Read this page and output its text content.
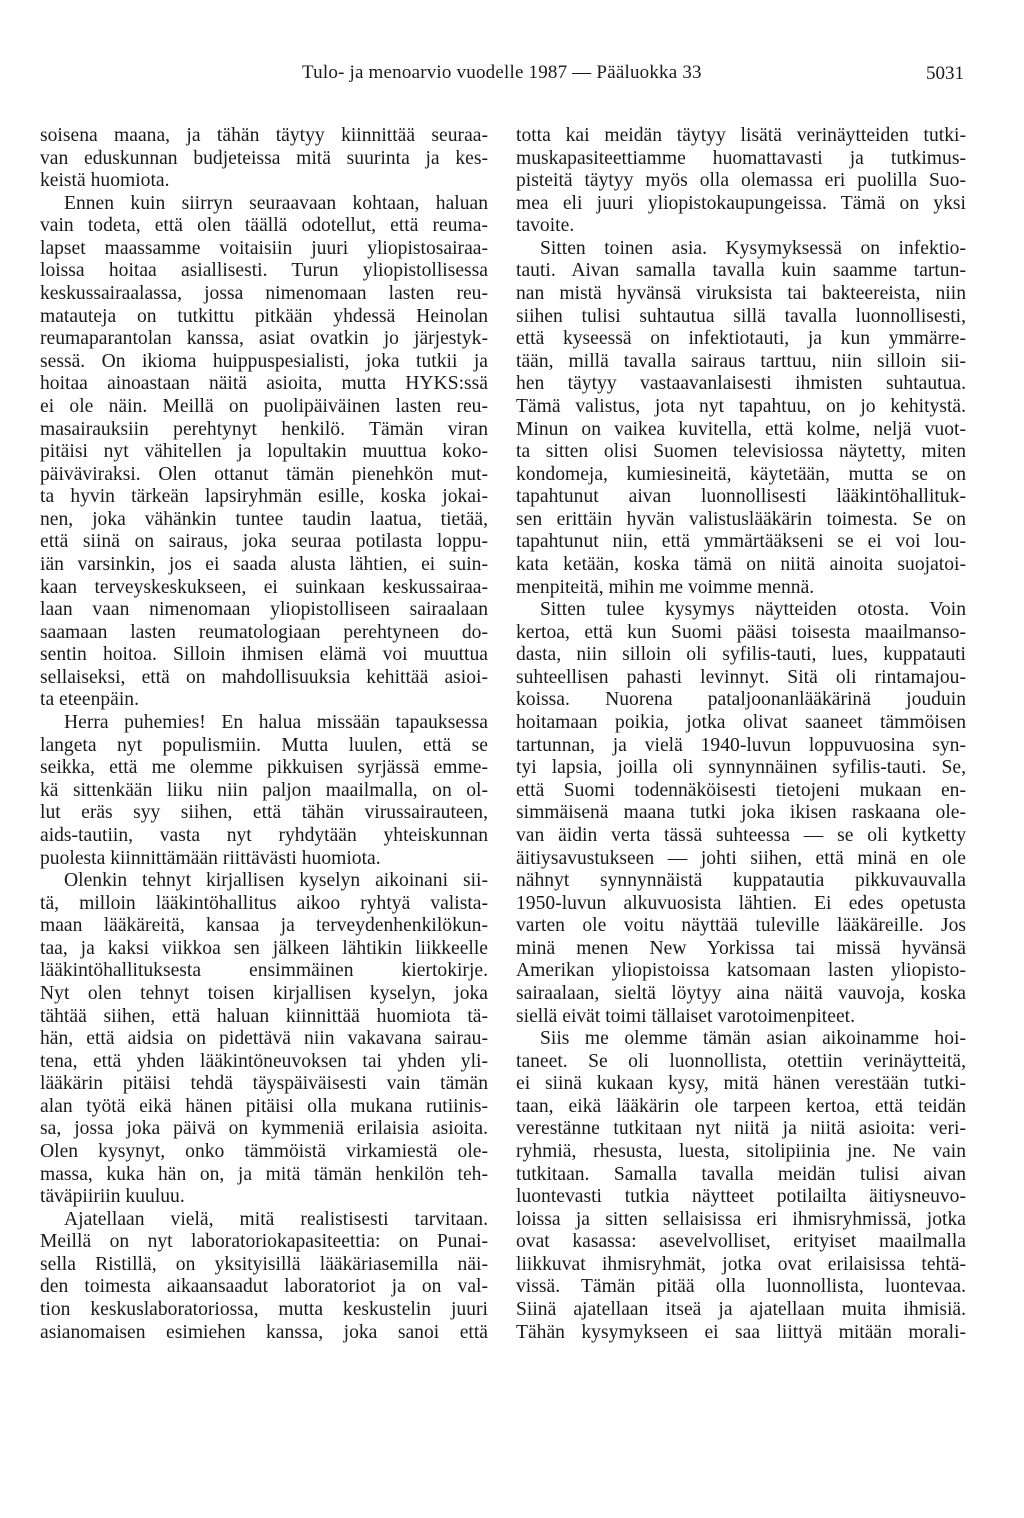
Tulo- ja menoarvio vuodelle 1987 — Pääluokka 33	5031
soisena maana, ja tähän täytyy kiinnittää seuraa-
van eduskunnan budjeteissa mitä suurinta ja kes-
keistä huomiota.
Ennen kuin siirryn seuraavaan kohtaan, haluan
vain todeta, että olen täällä odotellut, että reuma-
lapset maassamme voitaisiin juuri yliopistosairaa-
loissa hoitaa asiallisesti. Turun yliopistollisessa
keskussairaalassa, jossa nimenomaan lasten reu-
matauteja on tutkittu pitkään yhdessä Heinolan
reumaparantolan kanssa, asiat ovatkin jo järjestyk-
sessä. On ikioma huippuspesialisti, joka tutkii ja
hoitaa ainoastaan näitä asioita, mutta HYKS:ssä
ei ole näin. Meillä on puolipäiväinen lasten reu-
masairauksiin perehtynyt henkilö. Tämän viran
pitäisi nyt vähitellen ja lopultakin muuttua koko-
päiväviraksi. Olen ottanut tämän pienehkön mut-
ta hyvin tärkeän lapsiryhmän esille, koska jokai-
nen, joka vähänkin tuntee taudin laatua, tietää,
että siinä on sairaus, joka seuraa potilasta loppu-
iän varsinkin, jos ei saada alusta lähtien, ei suin-
kaan terveyskeskukseen, ei suinkaan keskussairaa-
laan vaan nimenomaan yliopistolliseen sairaalaan
saamaan lasten reumatologiaan perehtyneen do-
sentin hoitoa. Silloin ihmisen elämä voi muuttua
sellaiseksi, että on mahdollisuuksia kehittää asioi-
ta eteenpäin.
Herra puhemies! En halua missään tapauksessa
langeta nyt populismiin. Mutta luulen, että se
seikka, että me olemme pikkuisen syrjässä emme-
kä sittenkään liiku niin paljon maailmalla, on ol-
lut eräs syy siihen, että tähän virussairauteen,
aids-tautiin, vasta nyt ryhdytään yhteiskunnan
puolesta kiinnittämään riittävästi huomiota.
Olenkin tehnyt kirjallisen kyselyn aikoinani sii-
tä, milloin lääkintöhallitus aikoo ryhtyä valista-
maan lääkäreitä, kansaa ja terveydenhenkilökun-
taa, ja kaksi viikkoa sen jälkeen lähtikin liikkeelle
lääkintöhallituksesta ensimmäinen kiertokirje.
Nyt olen tehnyt toisen kirjallisen kyselyn, joka
tähtää siihen, että haluan kiinnittää huomiota tä-
hän, että aidsia on pidettävä niin vakavana sairau-
tena, että yhden lääkintöneuvoksen tai yhden yli-
lääkärin pitäisi tehdä täyspäiväisesti vain tämän
alan työtä eikä hänen pitäisi olla mukana rutiinis-
sa, jossa joka päivä on kymmeniä erilaisia asioita.
Olen kysynyt, onko tämmöistä virkamiestä ole-
massa, kuka hän on, ja mitä tämän henkilön teh-
täväpiiriin kuuluu.
Ajatellaan vielä, mitä realistisesti tarvitaan.
Meillä on nyt laboratoriokapasiteettia: on Punai-
sella Ristillä, on yksityisillä lääkäriasemilla näi-
den toimesta aikaansaadut laboratoriot ja on val-
tion keskuslaboratoriossa, mutta keskustelin juuri
asianomaisen esimiehen kanssa, joka sanoi että
totta kai meidän täytyy lisätä verinäytteiden tutki-
muskapasiteettiamme huomattavasti ja tutkimus-
pisteitä täytyy myös olla olemassa eri puolilla Suo-
mea eli juuri yliopistokaupungeissa. Tämä on yksi
tavoite.
Sitten toinen asia. Kysymyksessä on infektio-
tauti. Aivan samalla tavalla kuin saamme tartun-
nan mistä hyvänsä viruksista tai bakteereista, niin
siihen tulisi suhtautua sillä tavalla luonnollisesti,
että kyseessä on infektiotauti, ja kun ymmärre-
tään, millä tavalla sairaus tarttuu, niin silloin sii-
hen täytyy vastaavanlaisesti ihmisten suhtautua.
Tämä valistus, jota nyt tapahtuu, on jo kehitystä.
Minun on vaikea kuvitella, että kolme, neljä vuot-
ta sitten olisi Suomen televisiossa näytetty, miten
kondomeja, kumiesineitä, käytetään, mutta se on
tapahtunut aivan luonnollisesti lääkintöhallituk-
sen erittäin hyvän valistuslääkärin toimesta. Se on
tapahtunut niin, että ymmärtääkseni se ei voi lou-
kata ketään, koska tämä on niitä ainoita suojatoi-
menpiteitä, mihin me voimme mennä.
Sitten tulee kysymys näytteiden otosta. Voin
kertoa, että kun Suomi pääsi toisesta maailmanso-
dasta, niin silloin oli syfilis-tauti, lues, kuppatauti
suhteellisen pahasti levinnyt. Sitä oli rintamajou-
koissa. Nuorena pataljoonanlääkärinä jouduin
hoitamaan poikia, jotka olivat saaneet tämmöisen
tartunnan, ja vielä 1940-luvun loppuvuosina syn-
tyi lapsia, joilla oli synnynnäinen syfilis-tauti. Se,
että Suomi todennäköisesti tietojeni mukaan en-
simmäisenä maana tutki joka ikisen raskaana ole-
van äidin verta tässä suhteessa — se oli kytketty
äitiysavustukseen — johti siihen, että minä en ole
nähnyt synnynnäistä kuppatautia pikkuvauvalla
1950-luvun alkuvuosista lähtien. Ei edes opetusta
varten ole voitu näyttää tuleville lääkäreille. Jos
minä menen New Yorkissa tai missä hyvänsä
Amerikan yliopistoissa katsomaan lasten yliopisto-
sairaalaan, sieltä löytyy aina näitä vauvoja, koska
siellä eivät toimi tällaiset varotoimenpiteet.
Siis me olemme tämän asian aikoinamme hoi-
taneet. Se oli luonnollista, otettiin verinäytteitä,
ei siinä kukaan kysy, mitä hänen verestään tutki-
taan, eikä lääkärin ole tarpeen kertoa, että teidän
verestänne tutkitaan nyt niitä ja niitä asioita: veri-
ryhmiä, rhesusta, luesta, sitolipiinia jne. Ne vain
tutkitaan. Samalla tavalla meidän tulisi aivan
luontevasti tutkia näytteet potilailta äitiysneuvo-
loissa ja sitten sellaisissa eri ihmisryhmissä, jotka
ovat kasassa: asevelvolliset, erityiset maailmalla
liikkuvat ihmisryhmät, jotka ovat erilaisissa tehtä-
vissä. Tämän pitää olla luonnollista, luontevaa.
Siinä ajatellaan itseä ja ajatellaan muita ihmisiä.
Tähän kysymykseen ei saa liittyä mitään morali-
